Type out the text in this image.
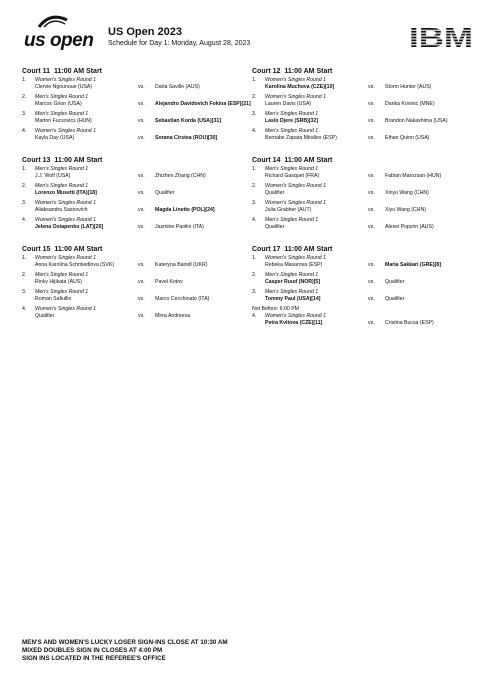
us open US Open 2023
Schedule for Day 1: Monday, August 28, 2023	IBM
Court 11 11:00 AM Start
1. Women's Singles Round 1
Clervie Ngounoue (USA)	vs. Daria Saville (AUS)
2. Men's Singles Round 1
Marcos Giron (USA)	vs. Alejandro Davidovich Fokina (ESP)[21]
3. Men's Singles Round 1
Marton Fucsovics (HUN)	vs. Sebastian Korda (USA)[31]
4. Women's Singles Round 1
Kayla Day (USA)	vs. Sorana Cirstea (ROU)[30]
Court 12 11:00 AM Start
1. Women's Singles Round 1
Karolina Muchova (CZE)[10]	vs. Storm Hunter (AUS)
2. Women's Singles Round 1
Lauren Davis (USA)	vs. Danka Kovinic (MNE)
3. Men's Singles Round 1
Laslo Djere (SRB)[32]	vs. Brandon Nakashima (USA)
4. Men's Singles Round 1
Bernabe Zapata Miralles (ESP)	vs. Ethan Quinn (USA)
Court 13 11:00 AM Start
1. Men's Singles Round 1
J.J. Wolf (USA)	vs. Zhizhen Zhang (CHN)
2. Men's Singles Round 1
Lorenzo Musetti (ITA)[18]	vs. Qualifier
3. Women's Singles Round 1
Aliaksandra Sasnovich	vs. Magda Linette (POL)[24]
4. Women's Singles Round 1
Jelena Ostapenko (LAT)[20]	vs. Jasmine Paolini (ITA)
Court 14 11:00 AM Start
1. Men's Singles Round 1
Richard Gasquet (FRA)	vs. Fabian Marozsan (HUN)
2. Women's Singles Round 1
Qualifier	vs. Xinyu Wang (CHN)
3. Women's Singles Round 1
Julia Grabher (AUT)	vs. Xiyu Wang (CHN)
4. Men's Singles Round 1
Qualifier	vs. Alexei Popyrin (AUS)
Court 15 11:00 AM Start
1. Women's Singles Round 1
Anna Karolina Schmiedlova (SVK)	vs. Kateryna Baindl (UKR)
2. Men's Singles Round 1
Rinky Hijikata (AUS)	vs. Pavel Kotov
3. Men's Singles Round 1
Roman Safiullin	vs. Marco Cecchinato (ITA)
4. Women's Singles Round 1
Qualifier	vs. Mirra Andreeva
Court 17 11:00 AM Start
1. Women's Singles Round 1
Rebeka Masarova (ESP)	vs. Maria Sakkari (GRE)[8]
2. Men's Singles Round 1
Casper Ruud (NOR)[5]	vs. Qualifier
3. Men's Singles Round 1
Tommy Paul (USA)[14]	vs. Qualifier
Not Before: 6:00 PM
4. Women's Singles Round 1
Petra Kvitova (CZE)[11]	vs. Cristina Bucsa (ESP)
MEN'S AND WOMEN'S LUCKY LOSER SIGN-INS CLOSE AT 10:30 AM
MIXED DOUBLES SIGN IN CLOSES AT 4:00 PM
SIGN INS LOCATED IN THE REFEREE'S OFFICE
